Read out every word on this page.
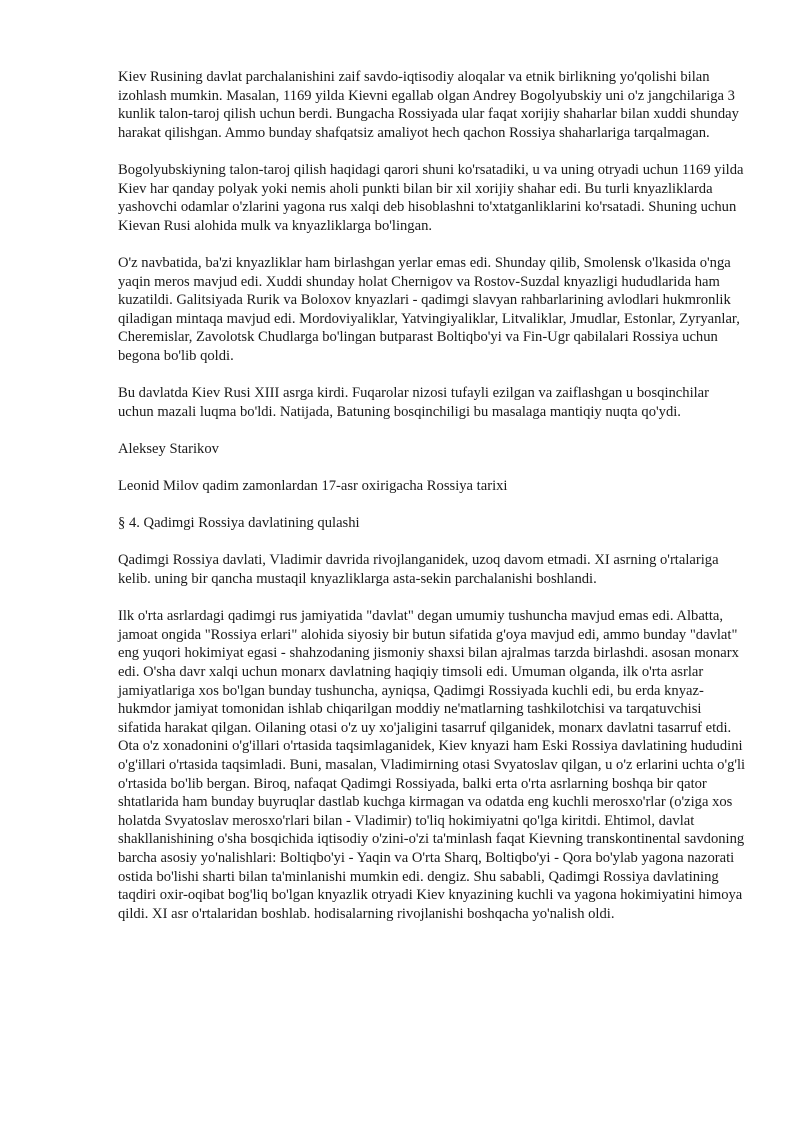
Kiev Rusining davlat parchalanishini zaif savdo-iqtisodiy aloqalar va etnik birlikning yo'qolishi bilan izohlash mumkin. Masalan, 1169 yilda Kievni egallab olgan Andrey Bogolyubskiy uni o'z jangchilariga 3 kunlik talon-taroj qilish uchun berdi. Bungacha Rossiyada ular faqat xorijiy shaharlar bilan xuddi shunday harakat qilishgan. Ammo bunday shafqatsiz amaliyot hech qachon Rossiya shaharlariga tarqalmagan.

Bogolyubskiyning talon-taroj qilish haqidagi qarori shuni ko'rsatadiki, u va uning otryadi uchun 1169 yilda Kiev har qanday polyak yoki nemis aholi punkti bilan bir xil xorijiy shahar edi. Bu turli knyazliklarda yashovchi odamlar o'zlarini yagona rus xalqi deb hisoblashni to'xtatganliklarini ko'rsatadi. Shuning uchun Kievan Rusi alohida mulk va knyazliklarga bo'lingan.

O'z navbatida, ba'zi knyazliklar ham birlashgan yerlar emas edi. Shunday qilib, Smolensk o'lkasida o'nga yaqin meros mavjud edi. Xuddi shunday holat Chernigov va Rostov-Suzdal knyazligi hududlarida ham kuzatildi. Galitsiyada Rurik va Boloxov knyazlari - qadimgi slavyan rahbarlarining avlodlari hukmronlik qiladigan mintaqa mavjud edi. Mordoviyaliklar, Yatvingiyaliklar, Litvaliklar, Jmudlar, Estonlar, Zyryanlar, Cheremislar, Zavolotsk Chudlarga bo'lingan butparast Boltiqbo'yi va Fin-Ugr qabilalari Rossiya uchun begona bo'lib qoldi.

Bu davlatda Kiev Rusi XIII asrga kirdi. Fuqarolar nizosi tufayli ezilgan va zaiflashgan u bosqinchilar uchun mazali luqma bo'ldi. Natijada, Batuning bosqinchiligi bu masalaga mantiqiy nuqta qo'ydi.

Aleksey Starikov

Leonid Milov qadim zamonlardan 17-asr oxirigacha Rossiya tarixi

§ 4. Qadimgi Rossiya davlatining qulashi

Qadimgi Rossiya davlati, Vladimir davrida rivojlanganidek, uzoq davom etmadi. XI asrning o'rtalariga kelib. uning bir qancha mustaqil knyazliklarga asta-sekin parchalanishi boshlandi.

Ilk o'rta asrlardagi qadimgi rus jamiyatida "davlat" degan umumiy tushuncha mavjud emas edi. Albatta, jamoat ongida "Rossiya erlari" alohida siyosiy bir butun sifatida g'oya mavjud edi, ammo bunday "davlat" eng yuqori hokimiyat egasi - shahzodaning jismoniy shaxsi bilan ajralmas tarzda birlashdi. asosan monarx edi. O'sha davr xalqi uchun monarx davlatning haqiqiy timsoli edi. Umuman olganda, ilk o'rta asrlar jamiyatlariga xos bo'lgan bunday tushuncha, ayniqsa, Qadimgi Rossiyada kuchli edi, bu erda knyaz-hukmdor jamiyat tomonidan ishlab chiqarilgan moddiy ne'matlarning tashkilotchisi va tarqatuvchisi sifatida harakat qilgan. Oilaning otasi o'z uy xo'jaligini tasarruf qilganidek, monarx davlatni tasarruf etdi. Ota o'z xonadonini o'g'illari o'rtasida taqsimlaganidek, Kiev knyazi ham Eski Rossiya davlatining hududini o'g'illari o'rtasida taqsimladi. Buni, masalan, Vladimirning otasi Svyatoslav qilgan, u o'z erlarini uchta o'g'li o'rtasida bo'lib bergan. Biroq, nafaqat Qadimgi Rossiyada, balki erta o'rta asrlarning boshqa bir qator shtatlarida ham bunday buyruqlar dastlab kuchga kirmagan va odatda eng kuchli merosxo'rlar (o'ziga xos holatda Svyatoslav merosxo'rlari bilan - Vladimir) to'liq hokimiyatni qo'lga kiritdi. Ehtimol, davlat shakllanishining o'sha bosqichida iqtisodiy o'zini-o'zi ta'minlash faqat Kievning transkontinental savdoning barcha asosiy yo'nalishlari: Boltiqbo'yi - Yaqin va O'rta Sharq, Boltiqbo'yi - Qora bo'ylab yagona nazorati ostida bo'lishi sharti bilan ta'minlanishi mumkin edi. dengiz. Shu sababli, Qadimgi Rossiya davlatining taqdiri oxir-oqibat bog'liq bo'lgan knyazlik otryadi Kiev knyazining kuchli va yagona hokimiyatini himoya qildi. XI asr o'rtalaridan boshlab. hodisalarning rivojlanishi boshqacha yo'nalish oldi.
